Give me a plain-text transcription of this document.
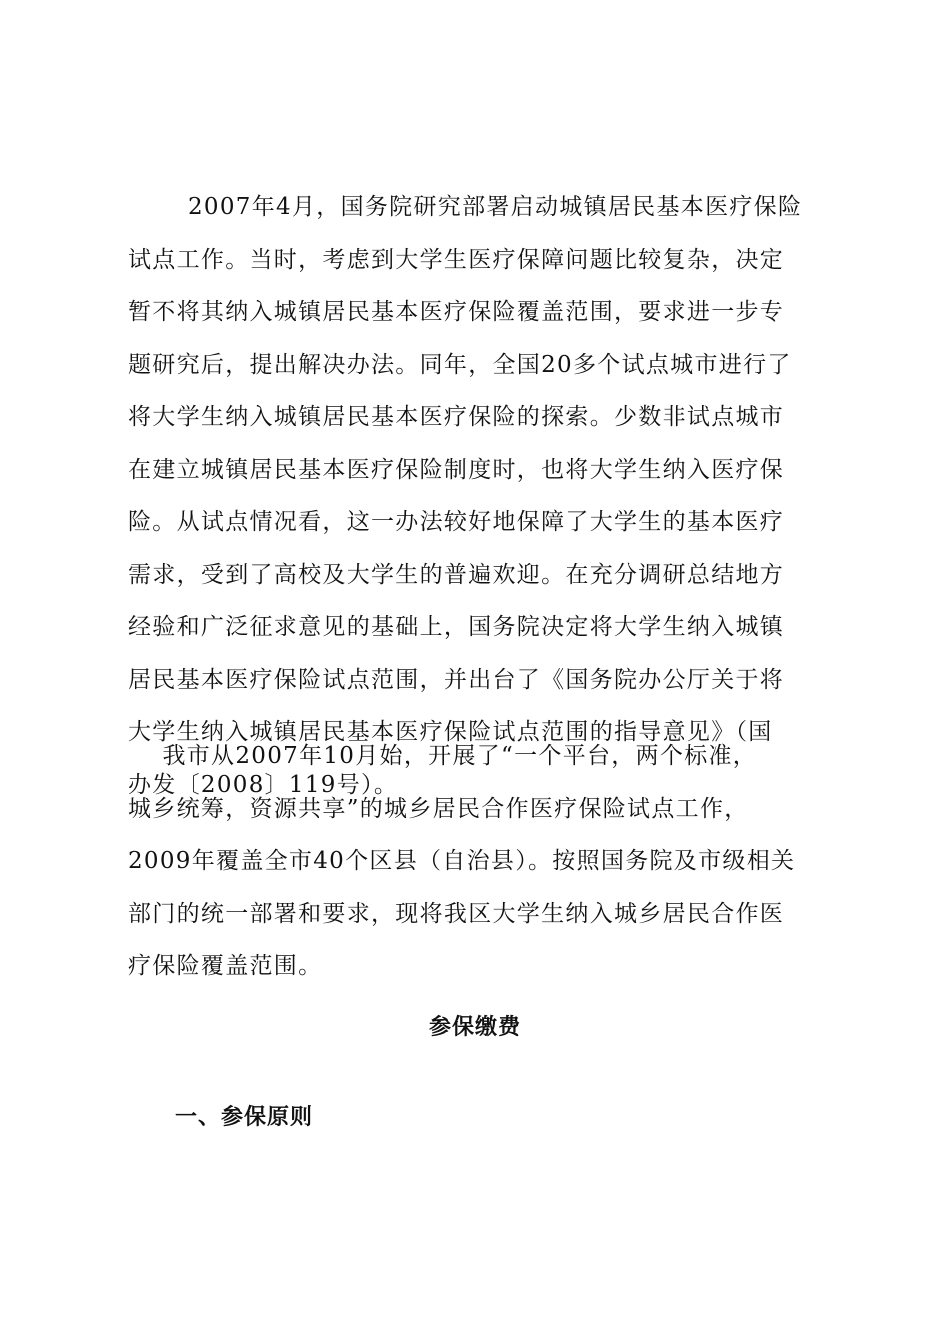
2007年4月，国务院研究部署启动城镇居民基本医疗保险
试点工作。当时，考虑到大学生医疗保障问题比较复杂，决定
暂不将其纳入城镇居民基本医疗保险覆盖范围，要求进一步专
题研究后，提出解决办法。同年，全国20多个试点城市进行了
将大学生纳入城镇居民基本医疗保险的探索。少数非试点城市
在建立城镇居民基本医疗保险制度时，也将大学生纳入医疗保
险。从试点情况看，这一办法较好地保障了大学生的基本医疗
需求，受到了高校及大学生的普遍欢迎。在充分调研总结地方
经验和广泛征求意见的基础上，国务院决定将大学生纳入城镇
居民基本医疗保险试点范围，并出台了《国务院办公厅关于将
大学生纳入城镇居民基本医疗保险试点范围的指导意见》（国
办发〔2008〕119号）。

我市从2007年10月始，开展了“一个平台，两个标准，
城乡统筹，资源共享”的城乡居民合作医疗保险试点工作，
2009年覆盖全市40个区县（自治县）。按照国务院及市级相关
部门的统一部署和要求，现将我区大学生纳入城乡居民合作医
疗保险覆盖范围。

参保缴费
一、参保原则
